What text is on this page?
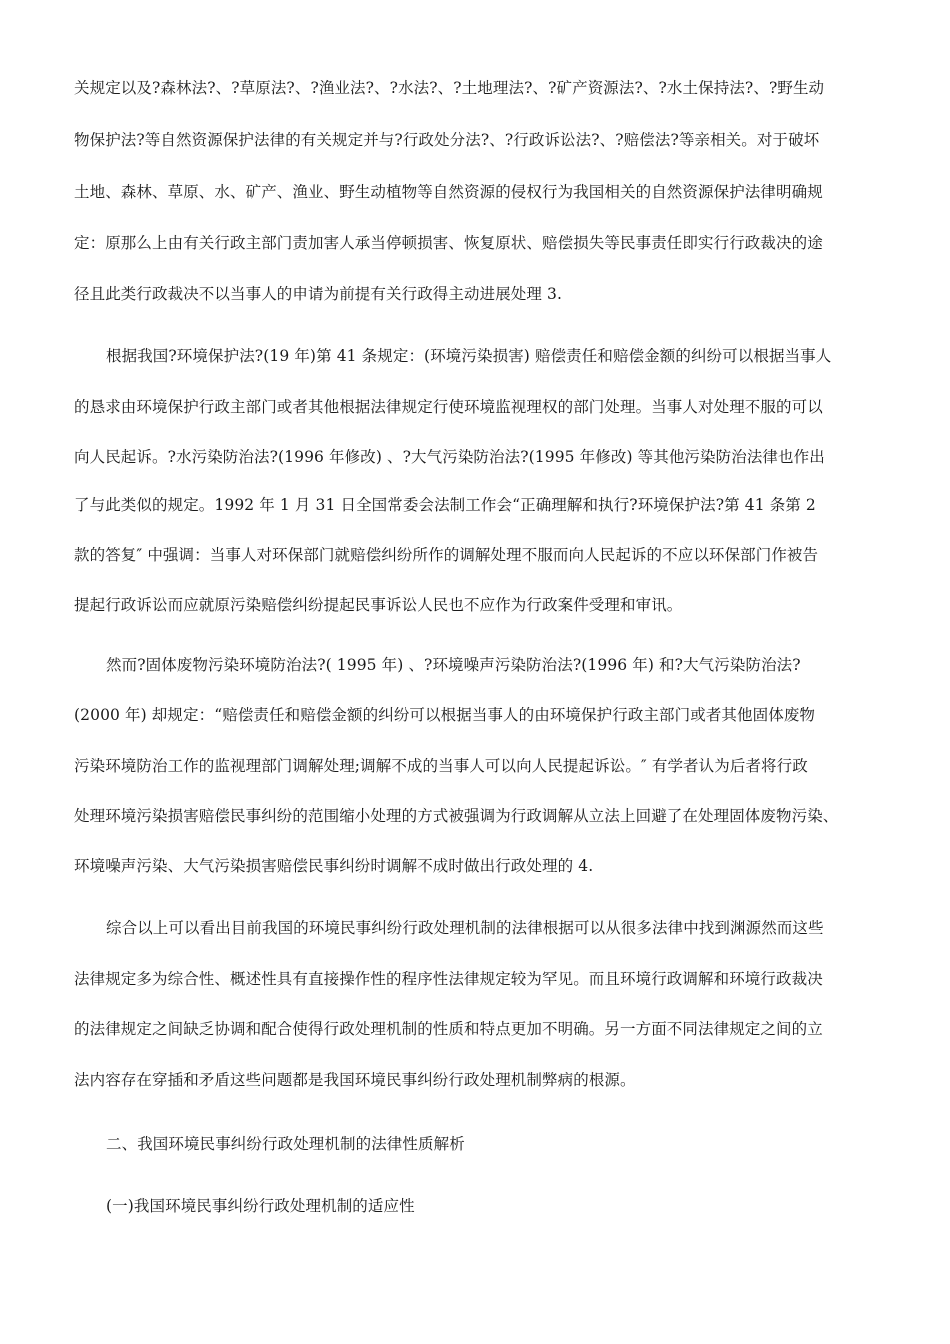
关规定以及?森林法?、?草原法?、?渔业法?、?水法?、?土地理法?、?矿产资源法?、?水土保持法?、?野生动
物保护法?等自然资源保护法律的有关规定并与?行政处分法?、?行政诉讼法?、?赔偿法?等亲相关。对于破坏
土地、森林、草原、水、矿产、渔业、野生动植物等自然资源的侵权行为我国相关的自然资源保护法律明确规
定：原那么上由有关行政主部门责加害人承当停顿损害、恢复原状、赔偿损失等民事责任即实行行政裁决的途
径且此类行政裁决不以当事人的申请为前提有关行政得主动进展处理 3.
根据我国?环境保护法?(19 年)第 41 条规定：(环境污染损害) 赔偿责任和赔偿金额的纠纷可以根据当事人
的恳求由环境保护行政主部门或者其他根据法律规定行使环境监视理权的部门处理。当事人对处理不服的可以
向人民起诉。?水污染防治法?(1996 年修改) 、?大气污染防治法?(1995 年修改) 等其他污染防治法律也作出
了与此类似的规定。1992 年 1 月 31 日全国常委会法制工作会“正确理解和执行?环境保护法?第 41 条第 2
款的答复″ 中强调：当事人对环保部门就赔偿纠纷所作的调解处理不服而向人民起诉的不应以环保部门作被告
提起行政诉讼而应就原污染赔偿纠纷提起民事诉讼人民也不应作为行政案件受理和审讯。
然而?固体废物污染环境防治法?( 1995 年) 、?环境噪声污染防治法?(1996 年) 和?大气污染防治法?
(2000 年) 却规定：“赔偿责任和赔偿金额的纠纷可以根据当事人的由环境保护行政主部门或者其他固体废物
污染环境防治工作的监视理部门调解处理;调解不成的当事人可以向人民提起诉讼。″ 有学者认为后者将行政
处理环境污染损害赔偿民事纠纷的范围缩小处理的方式被强调为行政调解从立法上回避了在处理固体废物污染、
环境噪声污染、大气污染损害赔偿民事纠纷时调解不成时做出行政处理的 4.
综合以上可以看出目前我国的环境民事纠纷行政处理机制的法律根据可以从很多法律中找到渊源然而这些
法律规定多为综合性、概述性具有直接操作性的程序性法律规定较为罕见。而且环境行政调解和环境行政裁决
的法律规定之间缺乏协调和配合使得行政处理机制的性质和特点更加不明确。另一方面不同法律规定之间的立
法内容存在穿插和矛盾这些问题都是我国环境民事纠纷行政处理机制弊病的根源。
二、我国环境民事纠纷行政处理机制的法律性质解析
(一)我国环境民事纠纷行政处理机制的适应性
